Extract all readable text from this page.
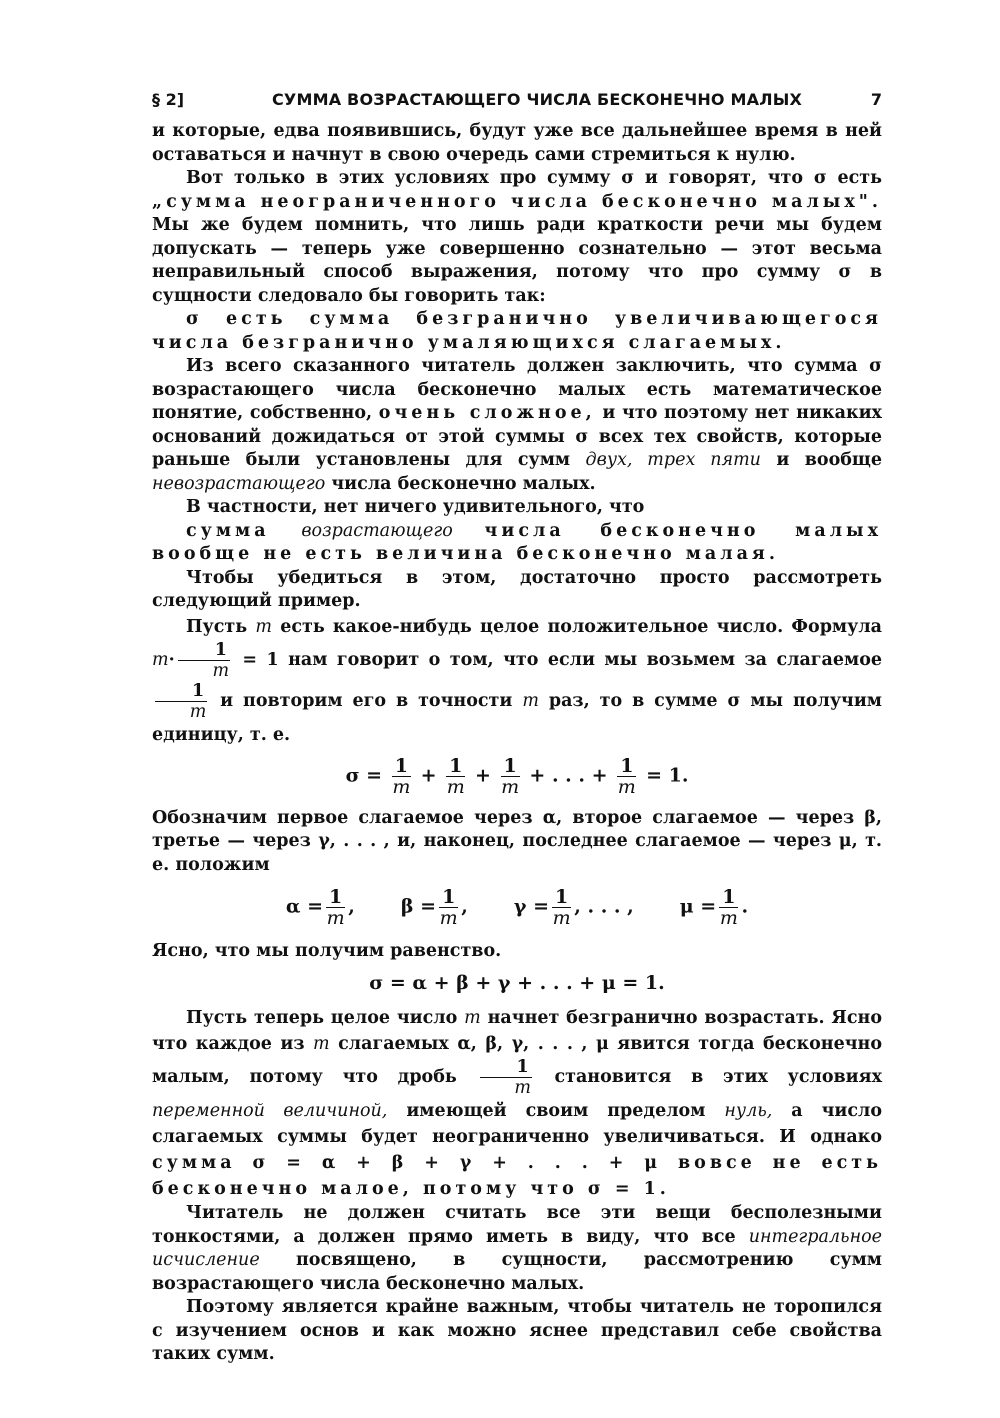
§ 2]	СУММА ВОЗРАСТАЮЩЕГО ЧИСЛА БЕСКОНЕЧНО МАЛЫХ	7

и которые, едва появившись, будут уже все дальнейшее время в ней оставаться и начнут в свою очередь сами стремиться к нулю.

Вот только в этих условиях про сумму σ и говорят, что σ есть „сумма неограниченного числа бесконечно малых". Мы же будем помнить, что лишь ради краткости речи мы будем допускать — теперь уже совершенно сознательно — этот весьма неправильный способ выражения, потому что про сумму σ в сущности следовало бы говорить так:

σ есть сумма безгранично увеличивающегося числа безгранично умаляющихся слагаемых.

Из всего сказанного читатель должен заключить, что сумма σ возрастающего числа бесконечно малых есть математическое понятие, собственно, очень сложное, и что поэтому нет никаких оснований дожидаться от этой суммы σ всех тех свойств, которые раньше были установлены для сумм двух, трех пяти и вообще невозрастающего числа бесконечно малых.

В частности, нет ничего удивительного, что

сумма возрастающего числа бесконечно малых вообще не есть величина бесконечно малая.

Чтобы убедиться в этом, достаточно просто рассмотреть следующий пример.

Пусть m есть какое-нибудь целое положительное число. Формула $m\cdot \frac{1}{m} = 1$ нам говорит о том, что если мы возьмем за слагаемое
$\frac{1}{m}$ и повторим его в точности m раз, то в сумме σ мы получим единицу, т. е.

$\sigma = \frac{1}{m} + \frac{1}{m} + \frac{1}{m}$ + . . . + $\frac{1}{m} = 1$.

Обозначим первое слагаемое через α, второе слагаемое — через β, третье — через γ, . . . , и, наконец, последнее слагаемое — через μ, т. е. положим

$\alpha = \frac{1}{m}$ , $\beta = \frac{1}{m}$ , $\gamma = \frac{1}{m}$ , . . . , $\mu = \frac{1}{m}$ .

Ясно, что мы получим равенство.

σ = α + β + γ + . . . + μ = 1.

Пусть теперь целое число m начнет безгранично возрастать. Ясно что каждое из m слагаемых α, β, γ, . . . , μ явится тогда бесконечно малым, потому что дробь $\frac{1}{m}$ становится в этих условиях переменной величиной, имеющей своим пределом нуль, а число слагаемых суммы будет неограниченно увеличиваться. И однако сумма σ = α + β + γ + . . . + μ вовсе не есть бесконечно малое, потому что σ = 1.

Читатель не должен считать все эти вещи бесполезными тонкостями, а должен прямо иметь в виду, что все интегральное исчисление посвящено, в сущности, рассмотрению сумм возрастающего числа бесконечно малых.

Поэтому является крайне важным, чтобы читатель не торопился с изучением основ и как можно яснее представил себе свойства таких сумм.
